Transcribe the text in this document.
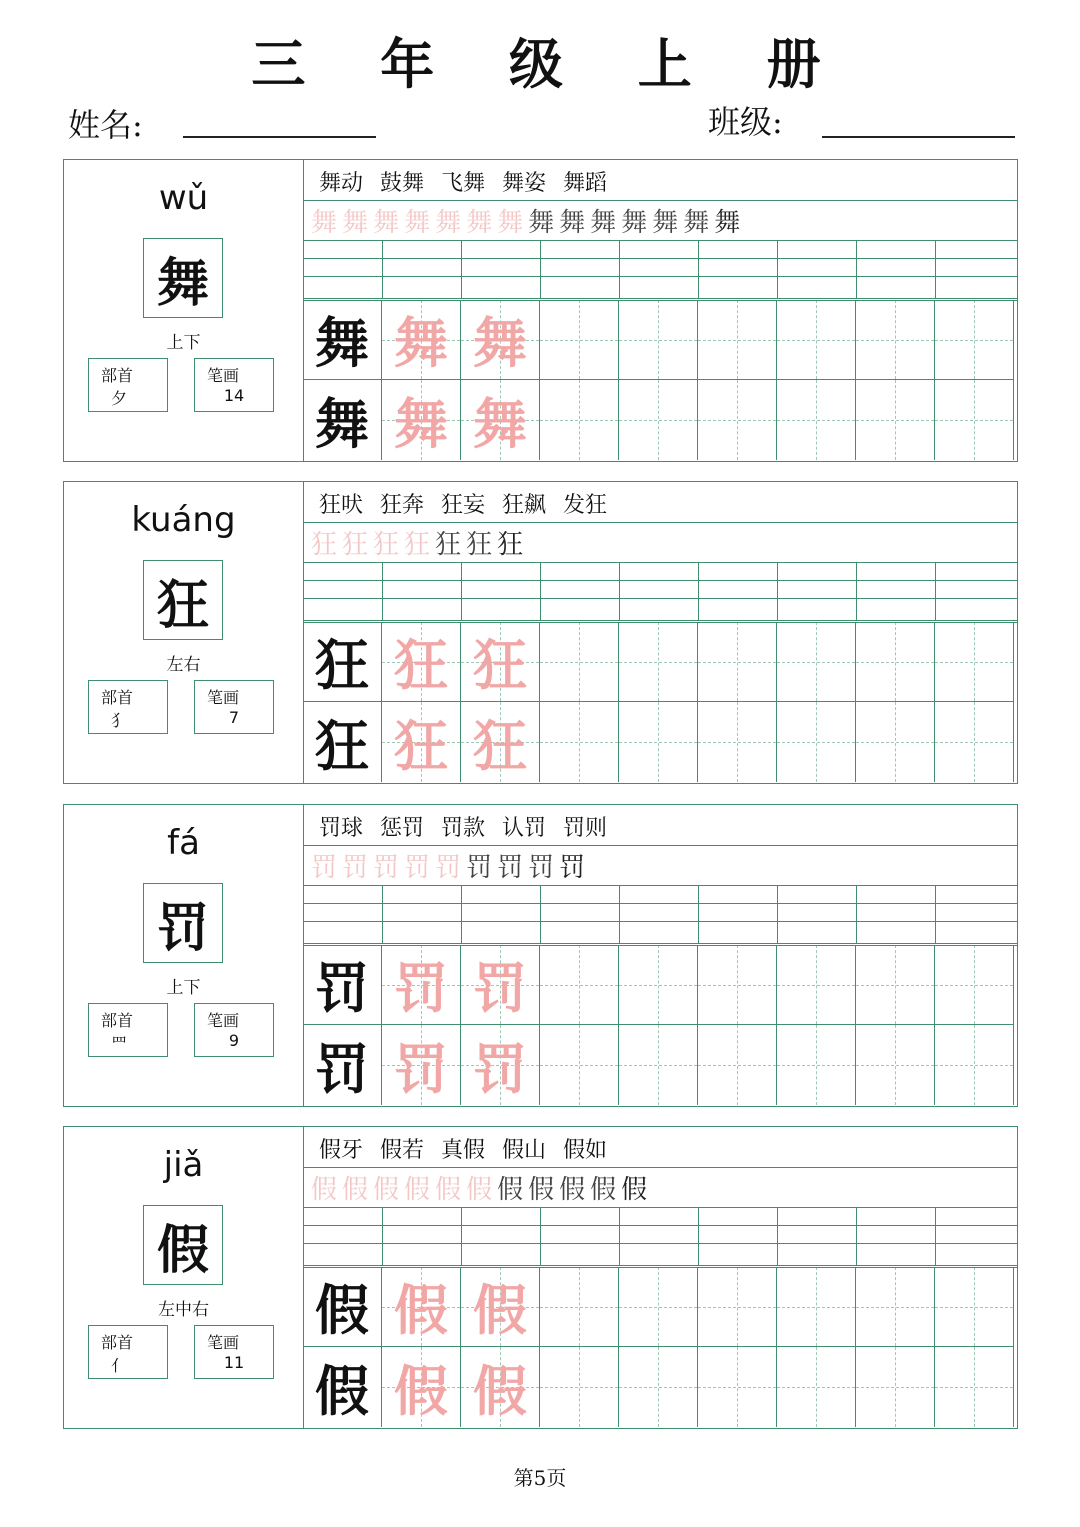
三 年 级 上 册
姓名:	班级:
wǔ
舞
上下
部首
夕
笔画
14
舞动 鼓舞 飞舞 舞姿 舞蹈
舞 舞 舞 舞 舞 舞 舞 舞 舞 舞 舞 舞 舞 舞
舞 舞 舞
舞 舞 舞
kuáng
狂
左右
部首
犭
笔画
7
狂吠 狂奔 狂妄 狂飙 发狂
狂 狂 狂 狂 狂 狂 狂
狂 狂 狂
狂 狂 狂
fá
罚
上下
部首
罒
笔画
9
罚球 惩罚 罚款 认罚 罚则
罚 罚 罚 罚 罚 罚 罚 罚 罚
罚 罚 罚
罚 罚 罚
jiǎ
假
左中右
部首
亻
笔画
11
假牙 假若 真假 假山 假如
假 假 假 假 假 假 假 假 假 假 假
假 假 假
假 假 假
第5页
